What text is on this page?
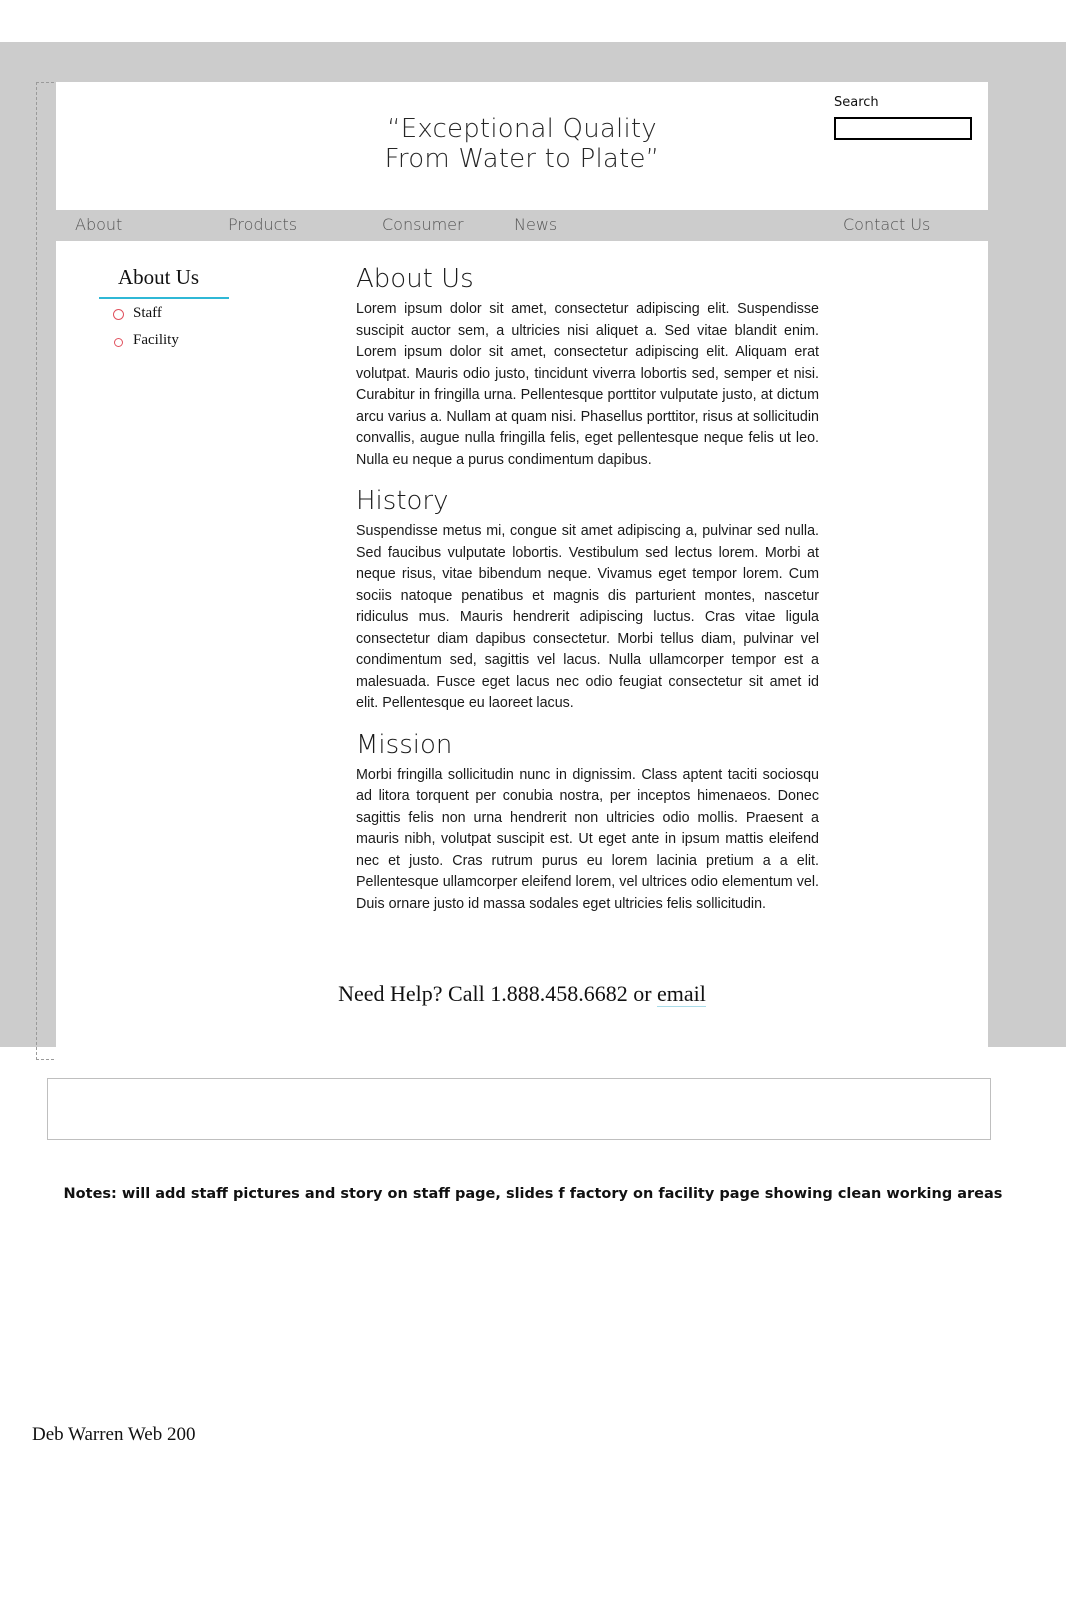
“Exceptional Quality
From Water to Plate”
Search
About	Products	Consumer	News	Contact Us
About Us
Staff
Facility
About Us

Lorem ipsum dolor sit amet, consectetur adipiscing elit. Suspendisse suscipit auctor sem, a ultricies nisi aliquet a. Sed vitae blandit enim. Lorem ipsum dolor sit amet, consectetur adipiscing elit. Aliquam erat volutpat. Mauris odio justo, tincidunt viverra lobortis sed, semper et nisi. Curabitur in fringilla urna. Pellentesque porttitor vulputate justo, at dictum arcu varius a. Nullam at quam nisi. Phasellus porttitor, risus at sollicitudin convallis, augue nulla fringilla felis, eget pellentesque neque felis ut leo. Nulla eu neque a purus condimentum dapibus.

History

Suspendisse metus mi, congue sit amet adipiscing a, pulvinar sed nulla. Sed faucibus vulputate lobortis. Vestibulum sed lectus lorem. Morbi at neque risus, vitae bibendum neque. Vivamus eget tempor lorem. Cum sociis natoque penatibus et magnis dis parturient montes, nascetur ridiculus mus. Mauris hendrerit adipiscing luctus. Cras vitae ligula consectetur diam dapibus consectetur. Morbi tellus diam, pulvinar vel condimentum sed, sagittis vel lacus. Nulla ullamcorper tempor est a malesuada. Fusce eget lacus nec odio feugiat consectetur sit amet id elit. Pellentesque eu laoreet lacus.

Mission

Morbi fringilla sollicitudin nunc in dignissim. Class aptent taciti sociosqu ad litora torquent per conubia nostra, per inceptos himenaeos. Donec sagittis felis non urna hendrerit non ultricies odio mollis. Praesent a mauris nibh, volutpat suscipit est. Ut eget ante in ipsum mattis eleifend nec et justo. Cras rutrum purus eu lorem lacinia pretium a a elit. Pellentesque ullamcorper eleifend lorem, vel ultrices odio elementum vel. Duis ornare justo id massa sodales eget ultricies felis sollicitudin.

Need Help? Call 1.888.458.6682 or email
Notes: will add staff pictures and story on staff page, slides f factory on facility page showing clean working areas
Deb Warren Web 200
